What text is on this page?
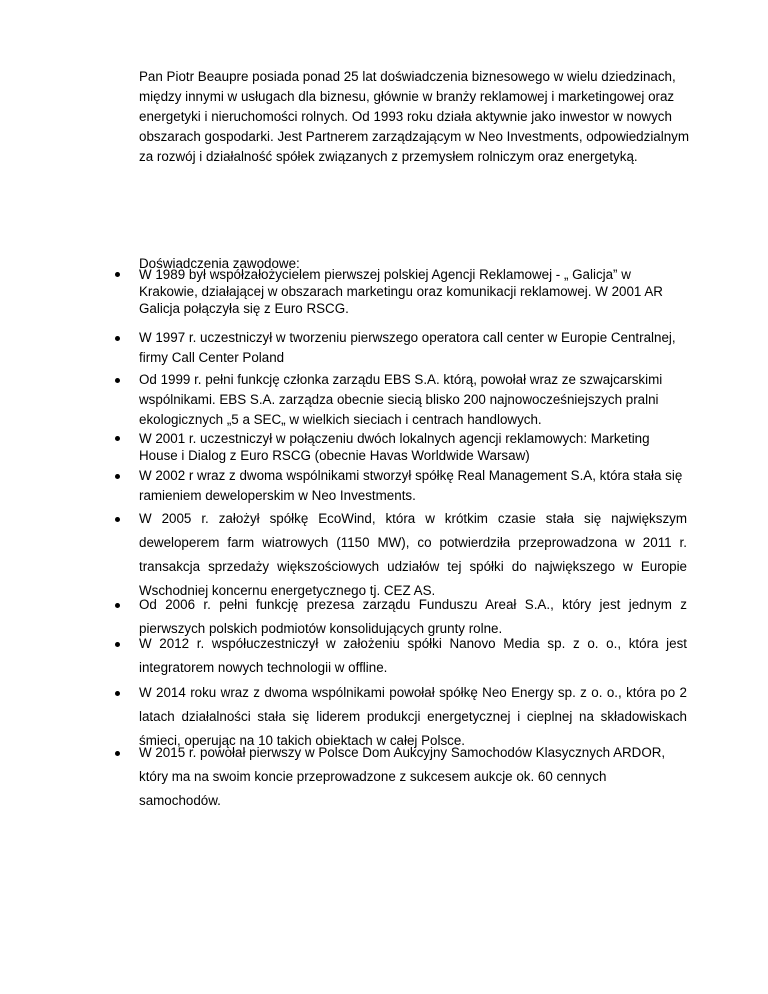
Pan Piotr Beaupre posiada ponad 25 lat doświadczenia biznesowego w wielu dziedzinach, między innymi w usługach dla biznesu, głównie w branży reklamowej i marketingowej oraz energetyki i nieruchomości rolnych. Od 1993 roku działa aktywnie jako inwestor w nowych obszarach gospodarki. Jest Partnerem zarządzającym w Neo Investments, odpowiedzialnym za rozwój i działalność spółek związanych z przemysłem rolniczym oraz energetyką.

Doświadczenia zawodowe:

W 1989 był współzałożycielem pierwszej polskiej Agencji Reklamowej - „ Galicja” w Krakowie, działającej w obszarach marketingu oraz komunikacji reklamowej. W 2001 AR Galicja połączyła się z Euro RSCG.
W 1997 r. uczestniczył w tworzeniu pierwszego operatora call center w Europie Centralnej, firmy Call Center Poland
Od 1999 r. pełni funkcję członka zarządu EBS S.A. którą, powołał wraz ze szwajcarskimi wspólnikami. EBS S.A. zarządza obecnie siecią blisko 200 najnowocześniejszych pralni ekologicznych „5 a SEC„ w wielkich sieciach i centrach handlowych.
W 2001 r. uczestniczył w połączeniu dwóch lokalnych agencji reklamowych: Marketing House i Dialog z Euro RSCG (obecnie Havas Worldwide Warsaw)
W 2002 r wraz z dwoma wspólnikami stworzył spółkę Real Management S.A, która stała się ramieniem deweloperskim w Neo Investments.
W 2005 r. założył spółkę EcoWind, która w krótkim czasie stała się największym deweloperem farm wiatrowych (1150 MW), co potwierdziła przeprowadzona w 2011 r. transakcja sprzedaży większościowych udziałów tej spółki do największego w Europie Wschodniej koncernu energetycznego tj. CEZ AS.
Od 2006 r. pełni funkcję prezesa zarządu Funduszu Areał S.A., który jest jednym z pierwszych polskich podmiotów konsolidujących grunty rolne.
W 2012 r. współuczestniczył w założeniu spółki Nanovo Media sp. z o. o., która jest integratorem nowych technologii w offline.
W 2014 roku wraz z dwoma wspólnikami powołał spółkę Neo Energy sp. z o. o., która po 2 latach działalności stała się liderem produkcji energetycznej i cieplnej na składowiskach śmieci, operując na 10 takich obiektach w całej Polsce.
W 2015 r. powołał pierwszy w Polsce Dom Aukcyjny Samochodów Klasycznych ARDOR, który ma na swoim koncie przeprowadzone z sukcesem aukcje ok. 60 cennych samochodów.
